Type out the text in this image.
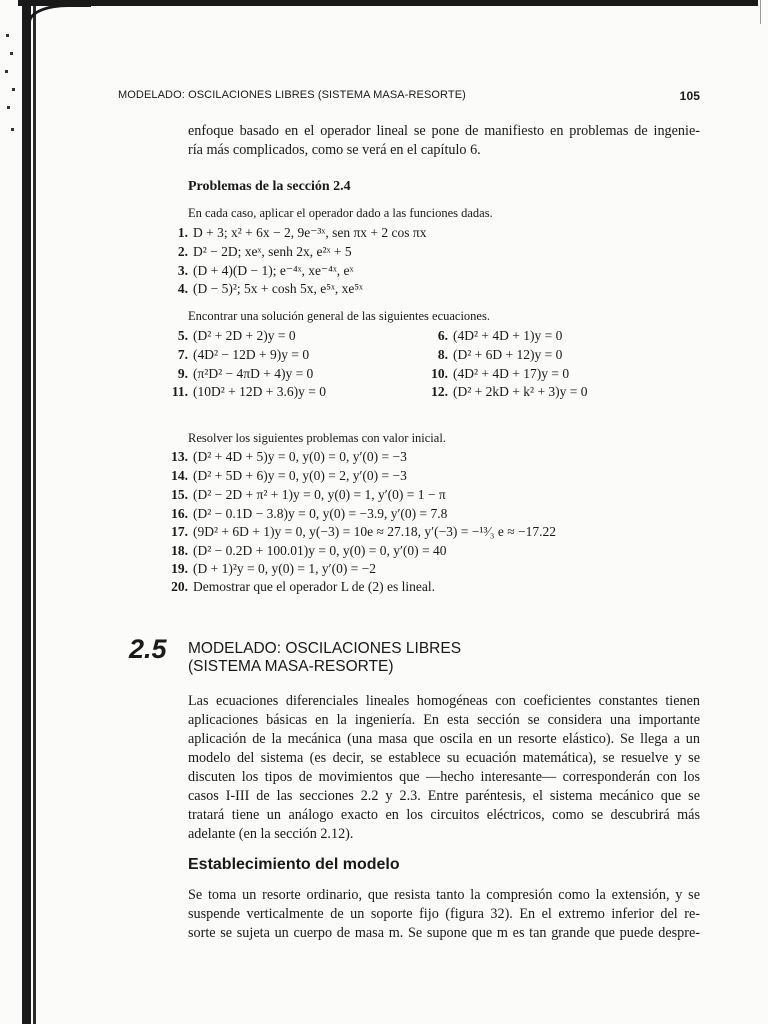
MODELADO: OSCILACIONES LIBRES (SISTEMA MASA-RESORTE)	105
enfoque basado en el operador lineal se pone de manifiesto en problemas de ingenie-
ría más complicados, como se verá en el capítulo 6.
Problemas de la sección 2.4
En cada caso, aplicar el operador dado a las funciones dadas.
1. D + 3; x² + 6x − 2, 9e⁻³ˣ, sen πx + 2 cos πx
2. D² − 2D; xeˣ, senh 2x, e²ˣ + 5
3. (D + 4)(D − 1); e⁻⁴ˣ, xe⁻⁴ˣ, eˣ
4. (D − 5)²; 5x + cosh 5x, e⁵ˣ, xe⁵ˣ
Encontrar una solución general de las siguientes ecuaciones.
5. (D² + 2D + 2)y = 0
7. (4D² − 12D + 9)y = 0
9. (π²D² − 4πD + 4)y = 0
11. (10D² + 12D + 3.6)y = 0
6. (4D² + 4D + 1)y = 0
8. (D² + 6D + 12)y = 0
10. (4D² + 4D + 17)y = 0
12. (D² + 2kD + k² + 3)y = 0
Resolver los siguientes problemas con valor inicial.
13. (D² + 4D + 5)y = 0, y(0) = 0, y′(0) = −3
14. (D² + 5D + 6)y = 0, y(0) = 2, y′(0) = −3
15. (D² − 2D + π² + 1)y = 0, y(0) = 1, y′(0) = 1 − π
16. (D² − 0.1D − 3.8)y = 0, y(0) = −3.9, y′(0) = 7.8
17. (9D² + 6D + 1)y = 0, y(−3) = 10e ≈ 27.18, y′(−3) = −¹³⁄₃ e ≈ −17.22
18. (D² − 0.2D + 100.01)y = 0, y(0) = 0, y′(0) = 40
19. (D + 1)²y = 0, y(0) = 1, y′(0) = −2
20. Demostrar que el operador L de (2) es lineal.
2.5 MODELADO: OSCILACIONES LIBRES
(SISTEMA MASA-RESORTE)
Las ecuaciones diferenciales lineales homogéneas con coeficientes constantes tienen
aplicaciones básicas en la ingeniería. En esta sección se considera una importante
aplicación de la mecánica (una masa que oscila en un resorte elástico). Se llega a un
modelo del sistema (es decir, se establece su ecuación matemática), se resuelve y se
discuten los tipos de movimientos que —hecho interesante— corresponderán con los
casos I-III de las secciones 2.2 y 2.3. Entre paréntesis, el sistema mecánico que se
tratará tiene un análogo exacto en los circuitos eléctricos, como se descubrirá más
adelante (en la sección 2.12).
Establecimiento del modelo
Se toma un resorte ordinario, que resista tanto la compresión como la extensión, y se
suspende verticalmente de un soporte fijo (figura 32). En el extremo inferior del re-
sorte se sujeta un cuerpo de masa m. Se supone que m es tan grande que puede despre-
